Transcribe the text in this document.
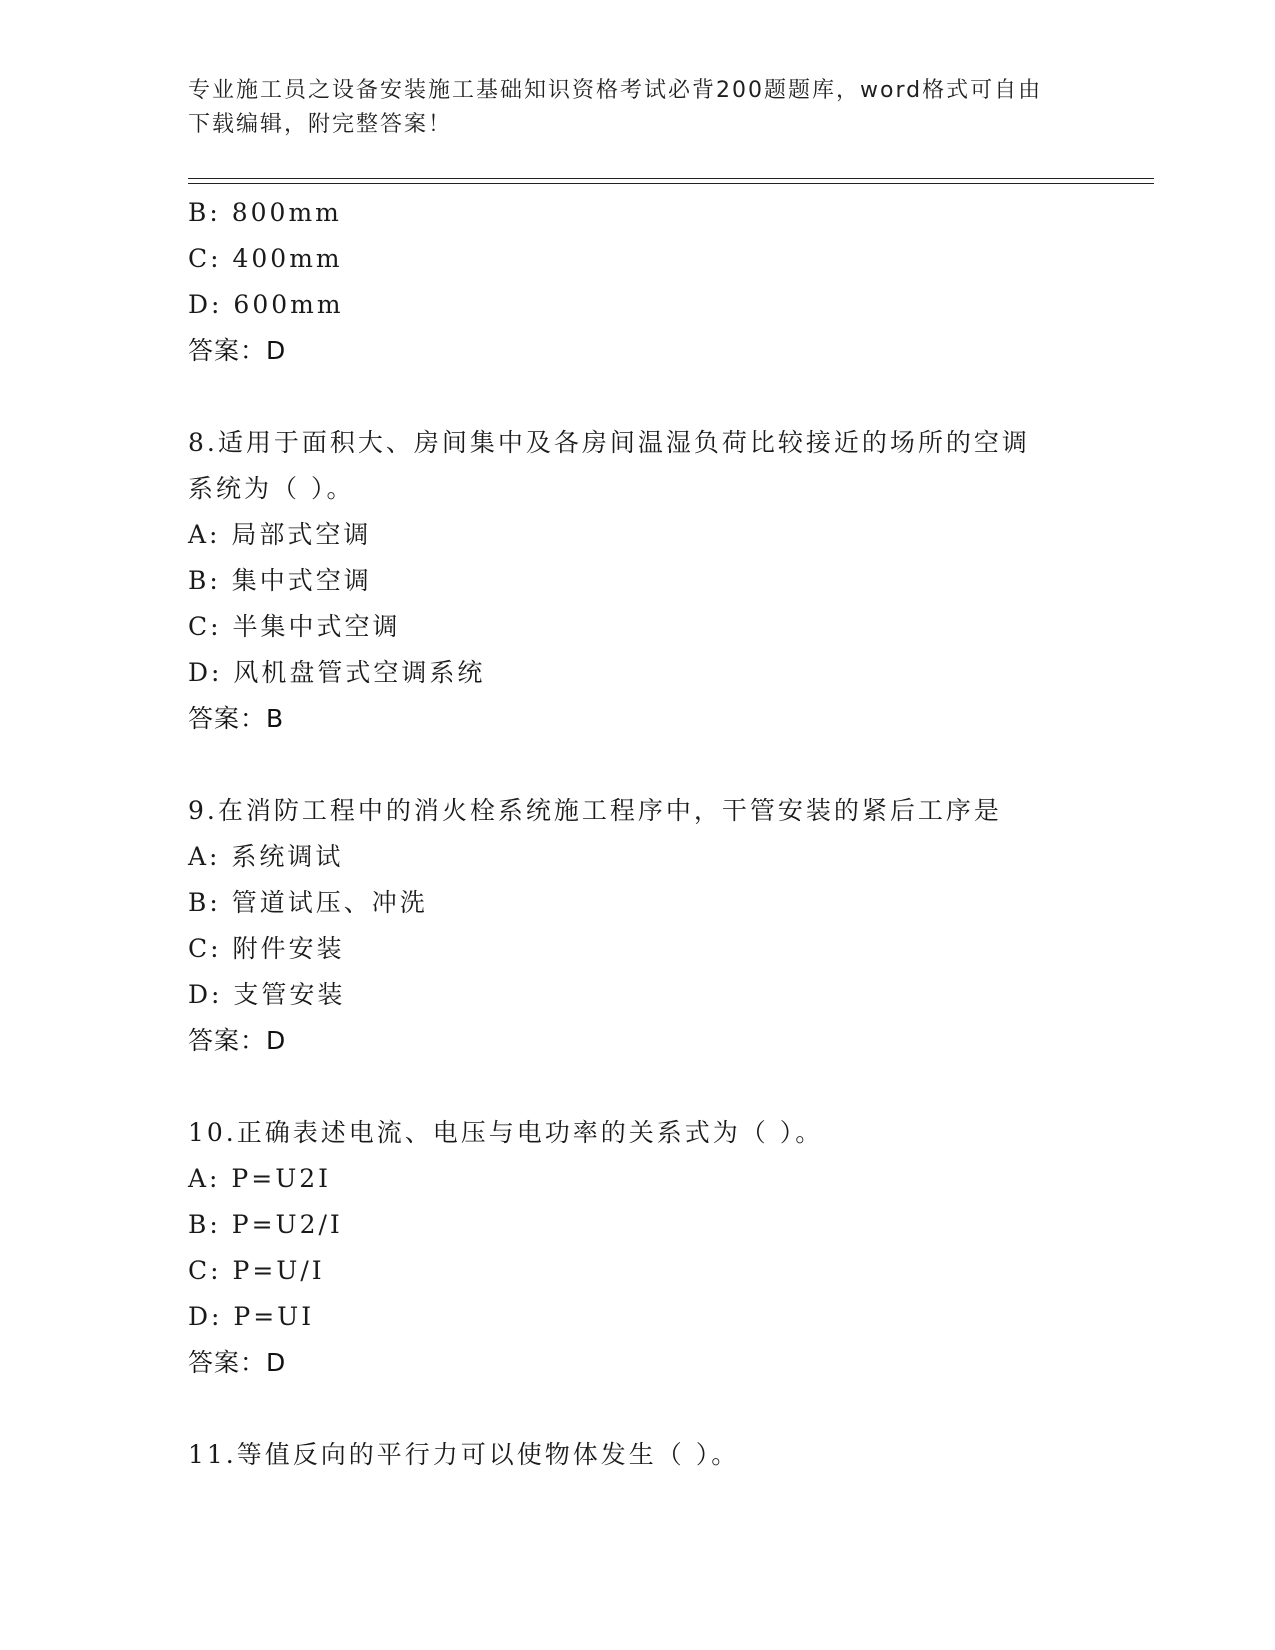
专业施工员之设备安装施工基础知识资格考试必背200题题库，word格式可自由
下载编辑，附完整答案！
B: 800mm
C: 400mm
D: 600mm
答案：D
8.适用于面积大、房间集中及各房间温湿负荷比较接近的场所的空调
系统为（ ）。
A: 局部式空调
B: 集中式空调
C: 半集中式空调
D: 风机盘管式空调系统
答案：B
9.在消防工程中的消火栓系统施工程序中，干管安装的紧后工序是
A: 系统调试
B: 管道试压、冲洗
C: 附件安装
D: 支管安装
答案：D
10.正确表述电流、电压与电功率的关系式为（ ）。
A: P=U2I
B: P=U2/I
C: P=U/I
D: P=UI
答案：D
11.等值反向的平行力可以使物体发生（ ）。
